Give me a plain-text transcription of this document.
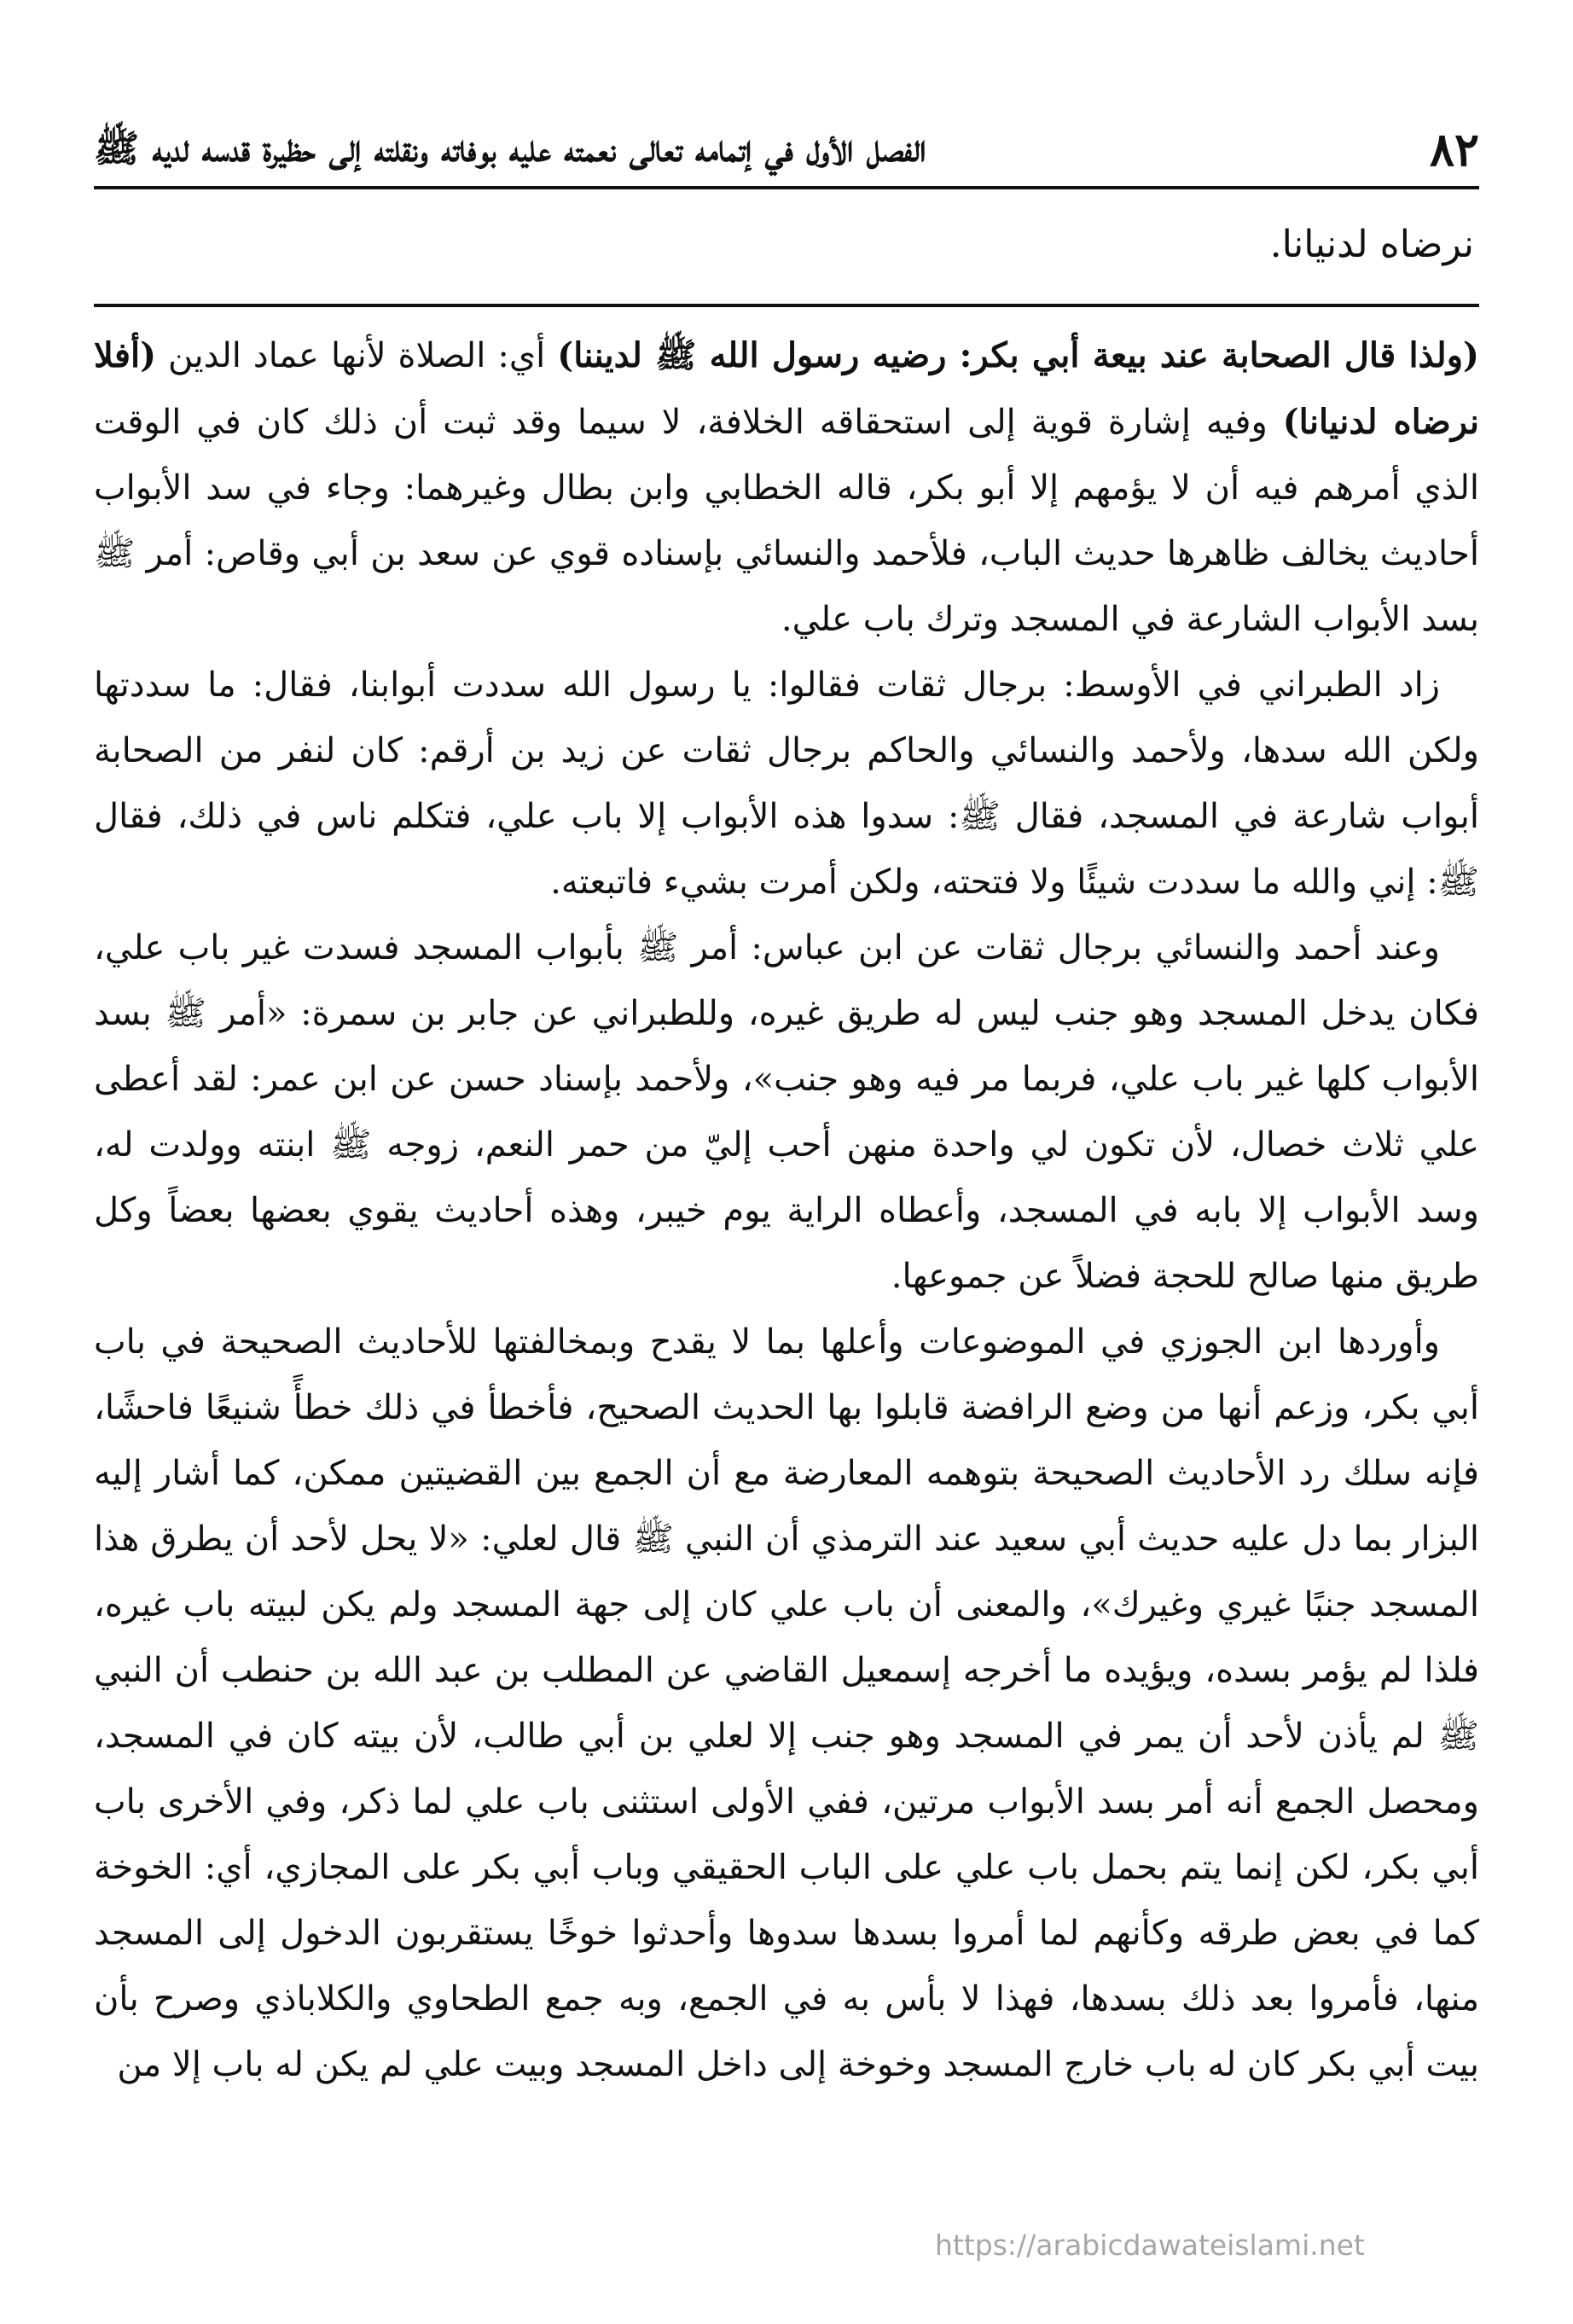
٨٢
الفصل الأول في إتمامه تعالى نعمته عليه بوفاته ونقلته إلى حظيرة قدسه لديه ﷺ
نرضاه لدنيانا.

(ولذا قال الصحابة عند بيعة أبي بكر: رضيه رسول الله ﷺ لديننا) أي: الصلاة لأنها عماد الدين (أفلا نرضاه لدنيانا) وفيه إشارة قوية إلى استحقاقه الخلافة، لا سيما وقد ثبت أن ذلك كان في الوقت الذي أمرهم فيه أن لا يؤمهم إلا أبو بكر، قاله الخطابي وابن بطال وغيرهما: وجاء في سد الأبواب أحاديث يخالف ظاهرها حديث الباب، فلأحمد والنسائي بإسناده قوي عن سعد بن أبي وقاص: أمر ﷺ بسد الأبواب الشارعة في المسجد وترك باب علي.

زاد الطبراني في الأوسط: برجال ثقات فقالوا: يا رسول الله سددت أبوابنا، فقال: ما سددتها ولكن الله سدها، ولأحمد والنسائي والحاكم برجال ثقات عن زيد بن أرقم: كان لنفر من الصحابة أبواب شارعة في المسجد، فقال ﷺ: سدوا هذه الأبواب إلا باب علي، فتكلم ناس في ذلك، فقال ﷺ: إني والله ما سددت شيئًا ولا فتحته، ولكن أمرت بشيء فاتبعته.

وعند أحمد والنسائي برجال ثقات عن ابن عباس: أمر ﷺ بأبواب المسجد فسدت غير باب علي، فكان يدخل المسجد وهو جنب ليس له طريق غيره، وللطبراني عن جابر بن سمرة: «أمر ﷺ بسد الأبواب كلها غير باب علي، فربما مر فيه وهو جنب»، ولأحمد بإسناد حسن عن ابن عمر: لقد أعطى علي ثلاث خصال، لأن تكون لي واحدة منهن أحب إليّ من حمر النعم، زوجه ﷺ ابنته وولدت له، وسد الأبواب إلا بابه في المسجد، وأعطاه الراية يوم خيبر، وهذه أحاديث يقوي بعضها بعضاً وكل طريق منها صالح للحجة فضلاً عن جموعها.

وأوردها ابن الجوزي في الموضوعات وأعلها بما لا يقدح وبمخالفتها للأحاديث الصحيحة في باب أبي بكر، وزعم أنها من وضع الرافضة قابلوا بها الحديث الصحيح، فأخطأ في ذلك خطأً شنيعًا فاحشًا، فإنه سلك رد الأحاديث الصحيحة بتوهمه المعارضة مع أن الجمع بين القضيتين ممكن، كما أشار إليه البزار بما دل عليه حديث أبي سعيد عند الترمذي أن النبي ﷺ قال لعلي: «لا يحل لأحد أن يطرق هذا المسجد جنبًا غيري وغيرك»، والمعنى أن باب علي كان إلى جهة المسجد ولم يكن لبيته باب غيره، فلذا لم يؤمر بسده، ويؤيده ما أخرجه إسمعيل القاضي عن المطلب بن عبد الله بن حنطب أن النبي ﷺ لم يأذن لأحد أن يمر في المسجد وهو جنب إلا لعلي بن أبي طالب، لأن بيته كان في المسجد، ومحصل الجمع أنه أمر بسد الأبواب مرتين، ففي الأولى استثنى باب علي لما ذكر، وفي الأخرى باب أبي بكر، لكن إنما يتم بحمل باب علي على الباب الحقيقي وباب أبي بكر على المجازي، أي: الخوخة كما في بعض طرقه وكأنهم لما أمروا بسدها سدوها وأحدثوا خوخًا يستقربون الدخول إلى المسجد منها، فأمروا بعد ذلك بسدها، فهذا لا بأس به في الجمع، وبه جمع الطحاوي والكلاباذي وصرح بأن بيت أبي بكر كان له باب خارج المسجد وخوخة إلى داخل المسجد وبيت علي لم يكن له باب إلا من

https://arabicdawateislami.net
